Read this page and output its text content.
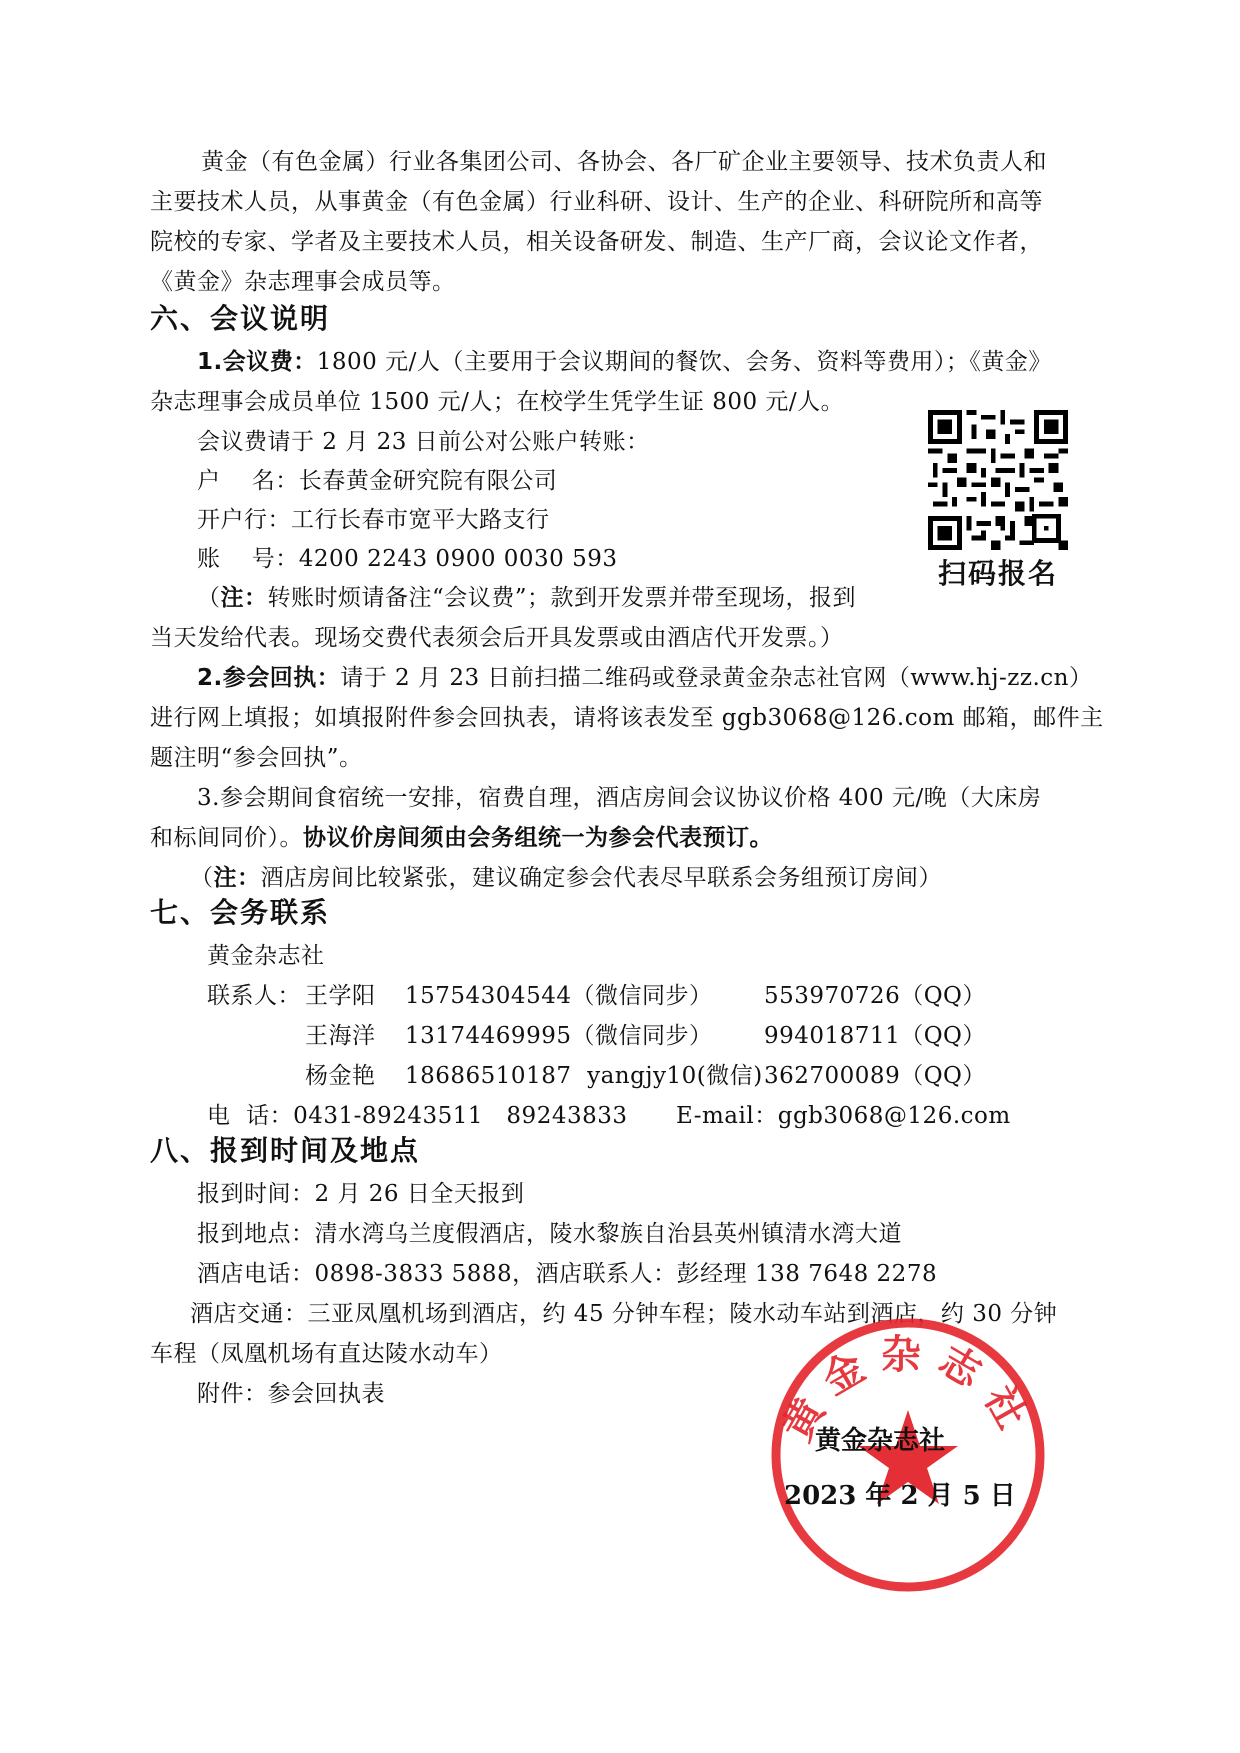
黄金（有色金属）行业各集团公司、各协会、各厂矿企业主要领导、技术负责人和
主要技术人员，从事黄金（有色金属）行业科研、设计、生产的企业、科研院所和高等
院校的专家、学者及主要技术人员，相关设备研发、制造、生产厂商，会议论文作者，
《黄金》杂志理事会成员等。
六、会议说明
1.会议费：1800 元/人（主要用于会议期间的餐饮、会务、资料等费用）；《黄金》
杂志理事会成员单位 1500 元/人；在校学生凭学生证 800 元/人。
会议费请于 2 月 23 日前公对公账户转账：
户    名：长春黄金研究院有限公司
开户行：工行长春市宽平大路支行
账    号：4200 2243 0900 0030 593
（注：转账时烦请备注“会议费”；款到开发票并带至现场，报到
当天发给代表。现场交费代表须会后开具发票或由酒店代开发票。）
扫码报名
2.参会回执：请于 2 月 23 日前扫描二维码或登录黄金杂志社官网（www.hj-zz.cn）
进行网上填报；如填报附件参会回执表，请将该表发至 ggb3068@126.com 邮箱，邮件主
题注明“参会回执”。
3.参会期间食宿统一安排，宿费自理，酒店房间会议协议价格 400 元/晚（大床房
和标间同价）。协议价房间须由会务组统一为参会代表预订。
（注：酒店房间比较紧张，建议确定参会代表尽早联系会务组预订房间）
七、会务联系
黄金杂志社
联系人： 王学阳 15754304544（微信同步） 553970726（QQ）
王海洋 13174469995（微信同步） 994018711（QQ）
杨金艳 18686510187  yangjy10(微信) 362700089（QQ）
电  话：0431-89243511   89243833 E-mail：ggb3068@126.com
八、报到时间及地点
报到时间：2 月 26 日全天报到
报到地点：清水湾乌兰度假酒店，陵水黎族自治县英州镇清水湾大道
酒店电话：0898-3833 5888，酒店联系人：彭经理 138 7648 2278
酒店交通：三亚凤凰机场到酒店，约 45 分钟车程；陵水动车站到酒店，约 30 分钟
车程（凤凰机场有直达陵水动车）
附件：参会回执表	黄金杂志社
黄金杂志社
2023 年 2 月 5 日
